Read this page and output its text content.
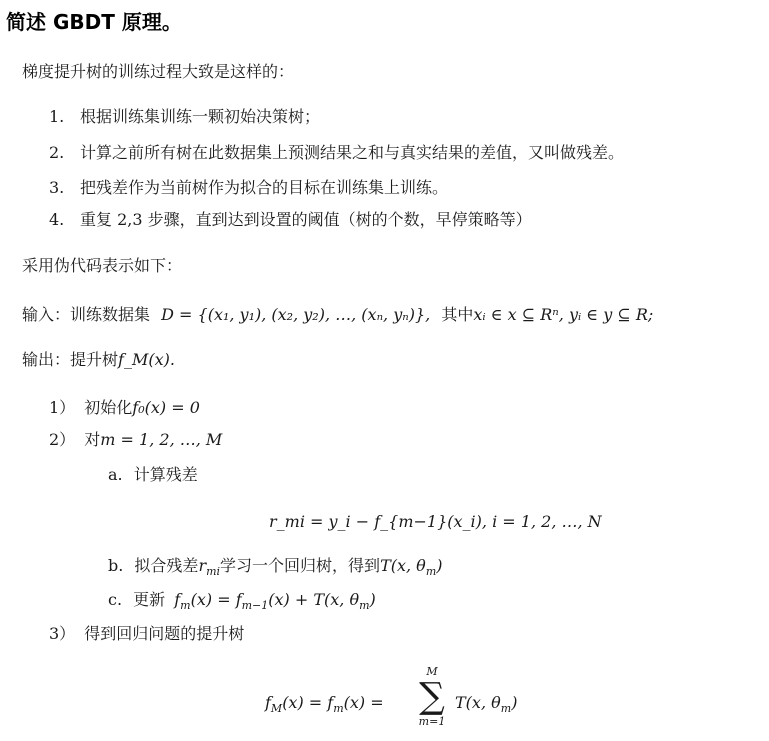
简述 GBDT 原理。
梯度提升树的训练过程大致是这样的：
1. 根据训练集训练一颗初始决策树；
2. 计算之前所有树在此数据集上预测结果之和与真实结果的差值，又叫做残差。
3. 把残差作为当前树作为拟合的目标在训练集上训练。
4. 重复 2,3 步骤，直到达到设置的阈值（树的个数，早停策略等）
采用伪代码表示如下：
输入：训练数据集 D = {(x₁, y₁), (x₂, y₂), …, (xₙ, yₙ)}, 其中xᵢ ∈ x ⊆ Rⁿ, yᵢ ∈ y ⊆ R;
输出：提升树f_M(x).
1） 初始化f₀(x) = 0
2） 对m = 1, 2, …, M
a. 计算残差
r_mi = y_i − f_{m−1}(x_i), i = 1, 2, …, N
b. 拟合残差$r_{mi}$学习一个回归树，得到T(x, $\theta_m$)
c. 更新 $f_m(x) = f_{m-1}(x) + T(x$, $\theta_m$)
3） 得到回归问题的提升树
$f_M(x) = f_m(x)$ =
M
∑
m=1
T(x, $\theta_m$)
